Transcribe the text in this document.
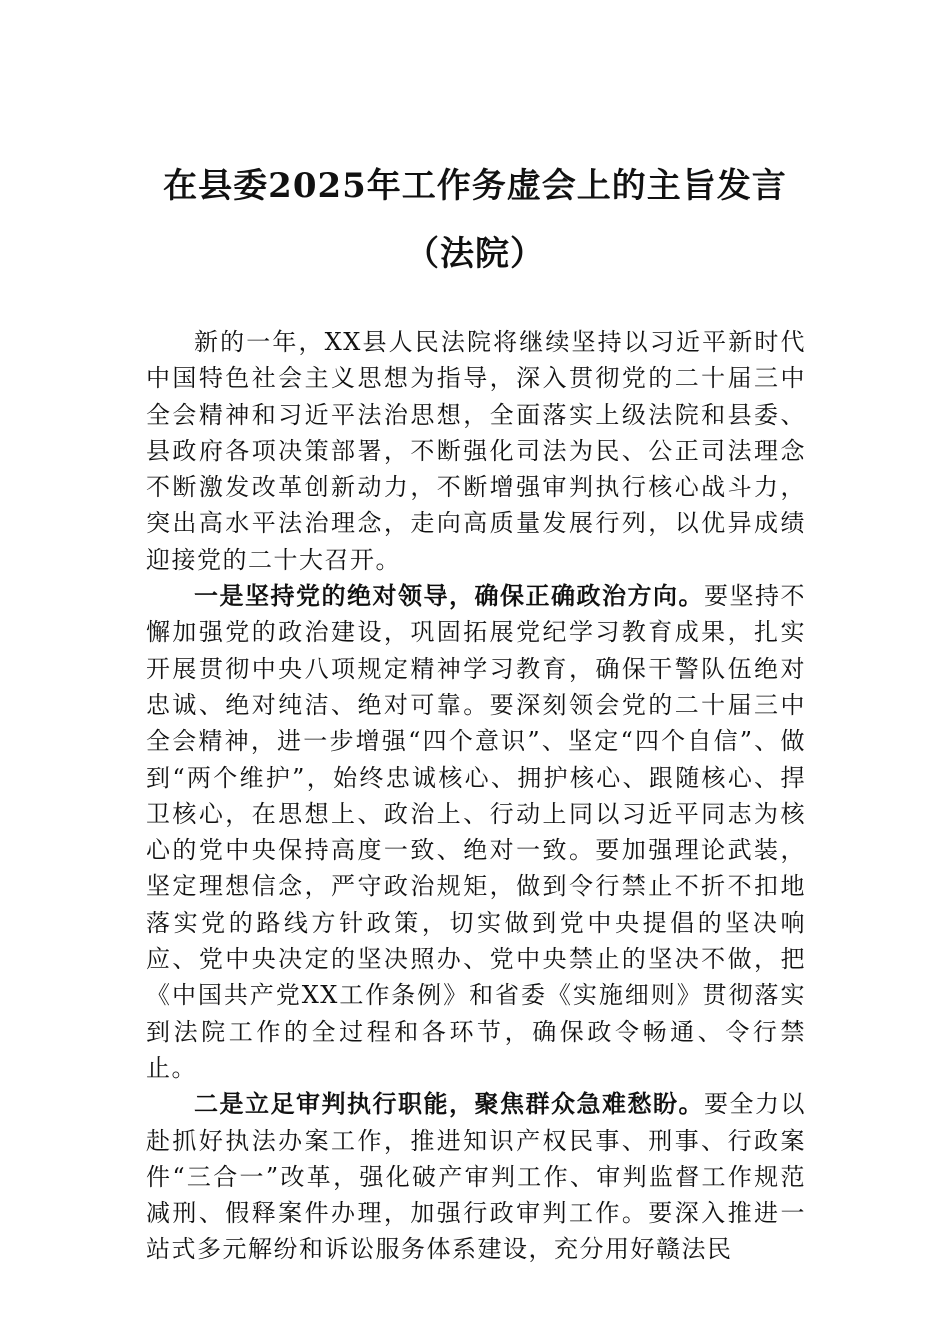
在县委2025年工作务虚会上的主旨发言
（法院）

新的一年，XX县人民法院将继续坚持以习近平新时代中国特色社会主义思想为指导，深入贯彻党的二十届三中全会精神和习近平法治思想，全面落实上级法院和县委、县政府各项决策部署，不断强化司法为民、公正司法理念不断激发改革创新动力，不断增强审判执行核心战斗力，突出高水平法治理念，走向高质量发展行列，以优异成绩迎接党的二十大召开。

一是坚持党的绝对领导，确保正确政治方向。要坚持不懈加强党的政治建设，巩固拓展党纪学习教育成果，扎实开展贯彻中央八项规定精神学习教育，确保干警队伍绝对忠诚、绝对纯洁、绝对可靠。要深刻领会党的二十届三中全会精神，进一步增强“四个意识”、坚定“四个自信”、做到“两个维护”，始终忠诚核心、拥护核心、跟随核心、捍卫核心，在思想上、政治上、行动上同以习近平同志为核心的党中央保持高度一致、绝对一致。要加强理论武装，坚定理想信念，严守政治规矩，做到令行禁止不折不扣地落实党的路线方针政策，切实做到党中央提倡的坚决响应、党中央决定的坚决照办、党中央禁止的坚决不做，把《中国共产党XX工作条例》和省委《实施细则》贯彻落实到法院工作的全过程和各环节，确保政令畅通、令行禁止。

二是立足审判执行职能，聚焦群众急难愁盼。要全力以赴抓好执法办案工作，推进知识产权民事、刑事、行政案件“三合一”改革，强化破产审判工作、审判监督工作规范减刑、假释案件办理，加强行政审判工作。要深入推进一站式多元解纷和诉讼服务体系建设，充分用好赣法民
